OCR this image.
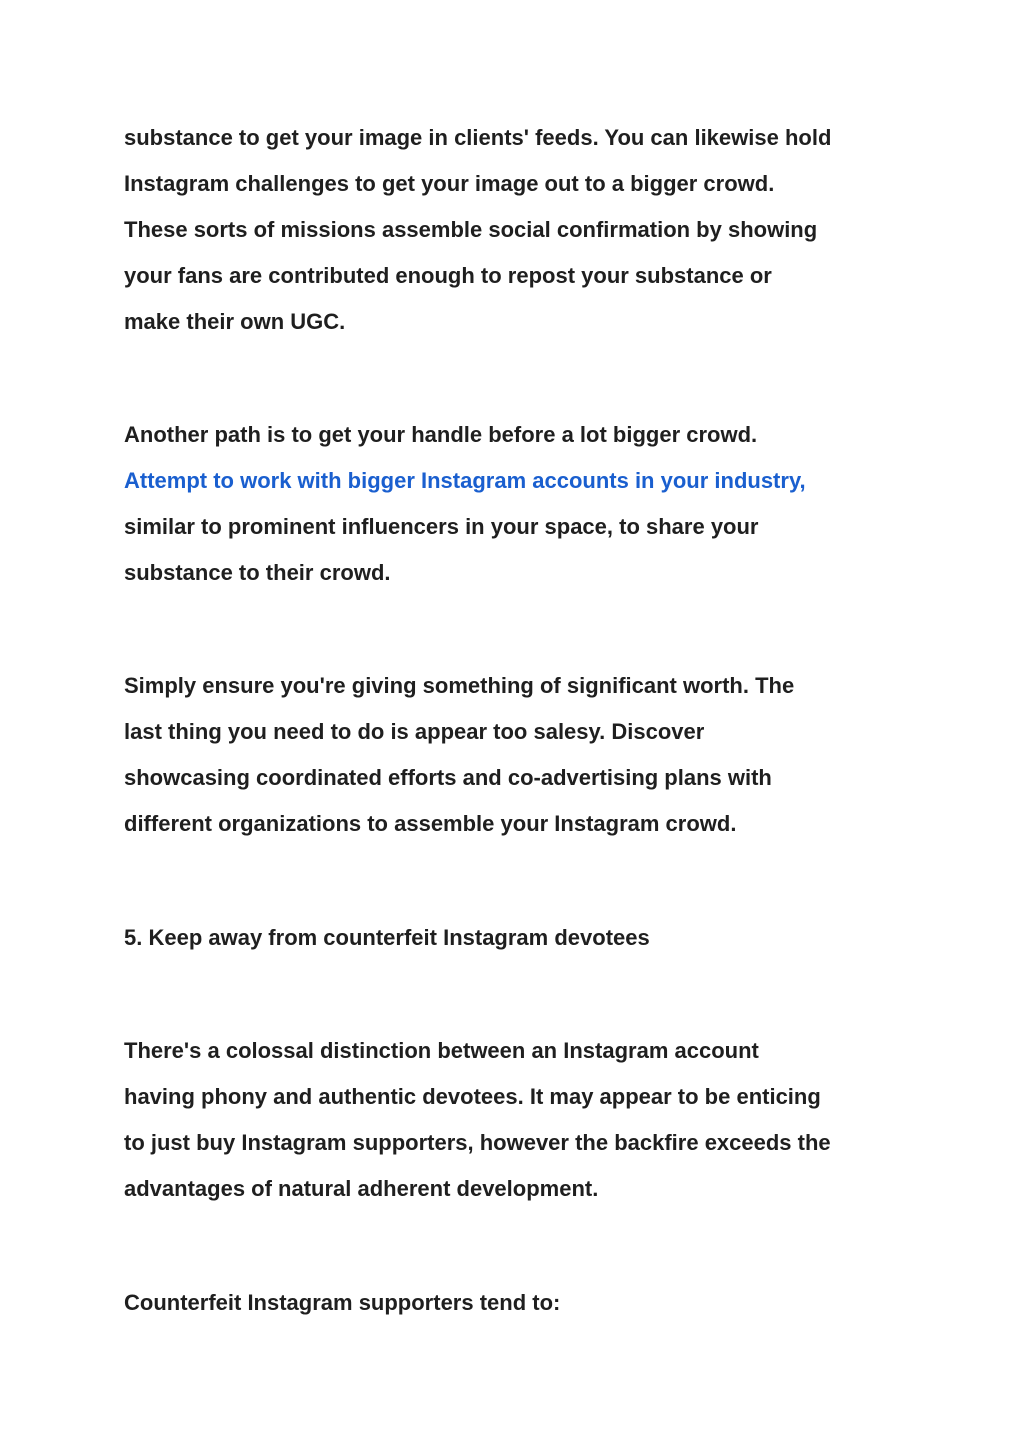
substance to get your image in clients' feeds. You can likewise hold
Instagram challenges to get your image out to a bigger crowd.
These sorts of missions assemble social confirmation by showing
your fans are contributed enough to repost your substance or
make their own UGC.
Another path is to get your handle before a lot bigger crowd.
Attempt to work with bigger Instagram accounts in your industry,
similar to prominent influencers in your space, to share your
substance to their crowd.
Simply ensure you're giving something of significant worth. The
last thing you need to do is appear too salesy. Discover
showcasing coordinated efforts and co-advertising plans with
different organizations to assemble your Instagram crowd.
5. Keep away from counterfeit Instagram devotees
There's a colossal distinction between an Instagram account
having phony and authentic devotees. It may appear to be enticing
to just buy Instagram supporters, however the backfire exceeds the
advantages of natural adherent development.
Counterfeit Instagram supporters tend to:
